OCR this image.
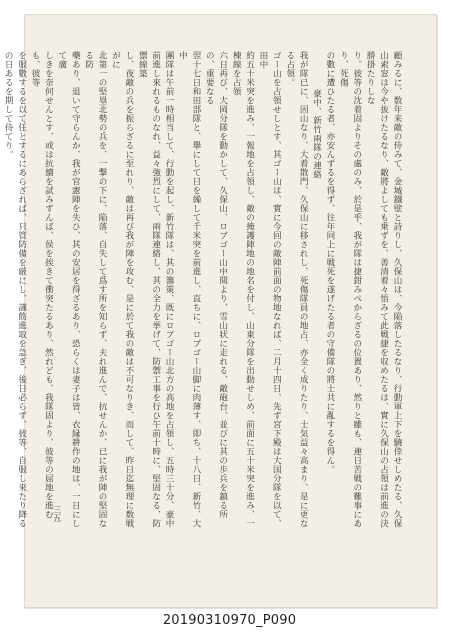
顧みるに、数年来敵の侍みて、金城鐵壁と詩りし、久保山は、今陥落したるなり、行動軍上下を驍倖せしめたる、久保

山索窓は今や抜けたるなり、敵將よしても乗ずを、善清着々悟みて此戦捷を収めたるは、實に久保山の占領は前進の決勝掛たりしな

り。彼等の沈着固よりその處のみ、於是乎、我が隊は捷鉗みぺからざるの位置あり、然りと雖も、連日苦戦の難事にあり、死傷

の數に遭ひたる者、亦安んずるを得ず、往年同上に戦死を遂げたる者の守備隊の將士共に亂するを得ん。

豪中、新竹兩隊の連絡

我が隊已に、因山なり、大着散門、久保山に移されし、死傷隊員の地占、亦全く成りたり、士気益々高まり、是に更なる占領。

ゴー山を占領せしとす、其ゴー山は、實に今回の敵陣前面の物地なれば、二月十四日、先ず宮下殿は大国分隊を以て、田中

約五十米突を進み、一報地を占領し、敵の掩護陣地の地名を付し、山東分隊を出動せしめ、前面に五十米突を進み、一棟線を占領

六日再び、大岡分隊を動かして、久保山、ロブゴー山中間より、雪山状に走れる、敵砲台、並びに其の歩兵を鎮る所の、重要なる

翌十七日和田部隊と、擧にして日を繰して千米突を前進し、直ちに、ロブゴー山脚に肉薄す、即ち、十八日、新竹、大中

團隊は午前一時相当して、行動を起し、新竹隊は、其の籌策、既にロブゴー山北方の高地を占領し、五時三十分、豪中

前進し來れるものなれ、益々強烈にして、兩隊連絡し、其の全力を挙げて、防禦工事を行ひ午前十時に、堅固なる、防禦線築

し、夜敵の兵を振らざるに至れり、敵は再び我が陣を攻む、是に於て我の敵は不可なりき、而して、昨日迄無理に数戦がに

北第一の堅塁北勢の兵を、一撃の下に、陥落、自失して爲す所を知らず、夫れ進んで、抗せんか、已に我が陣の堅固なる防

藥あり、退いて守らんか、我が官憲陣を失ひ、其の安居を得ざるあり、恐らくは妻子は皆、衣縁耕作の地は、一日にして廣

しきを奈何せんとす、或は抗續を試みずんば、侯を挨きて衝突たるあり、然れども、我隊固より、彼等の屈地を進むも、彼等

を服數するを以て任とするにあらざれば、只管防備を厳にし、謹飭進取を急ぎ、後日必らず、彼等、自服し來たり降る

の日あるを期して侍てり。

三五
20190310970_P090
